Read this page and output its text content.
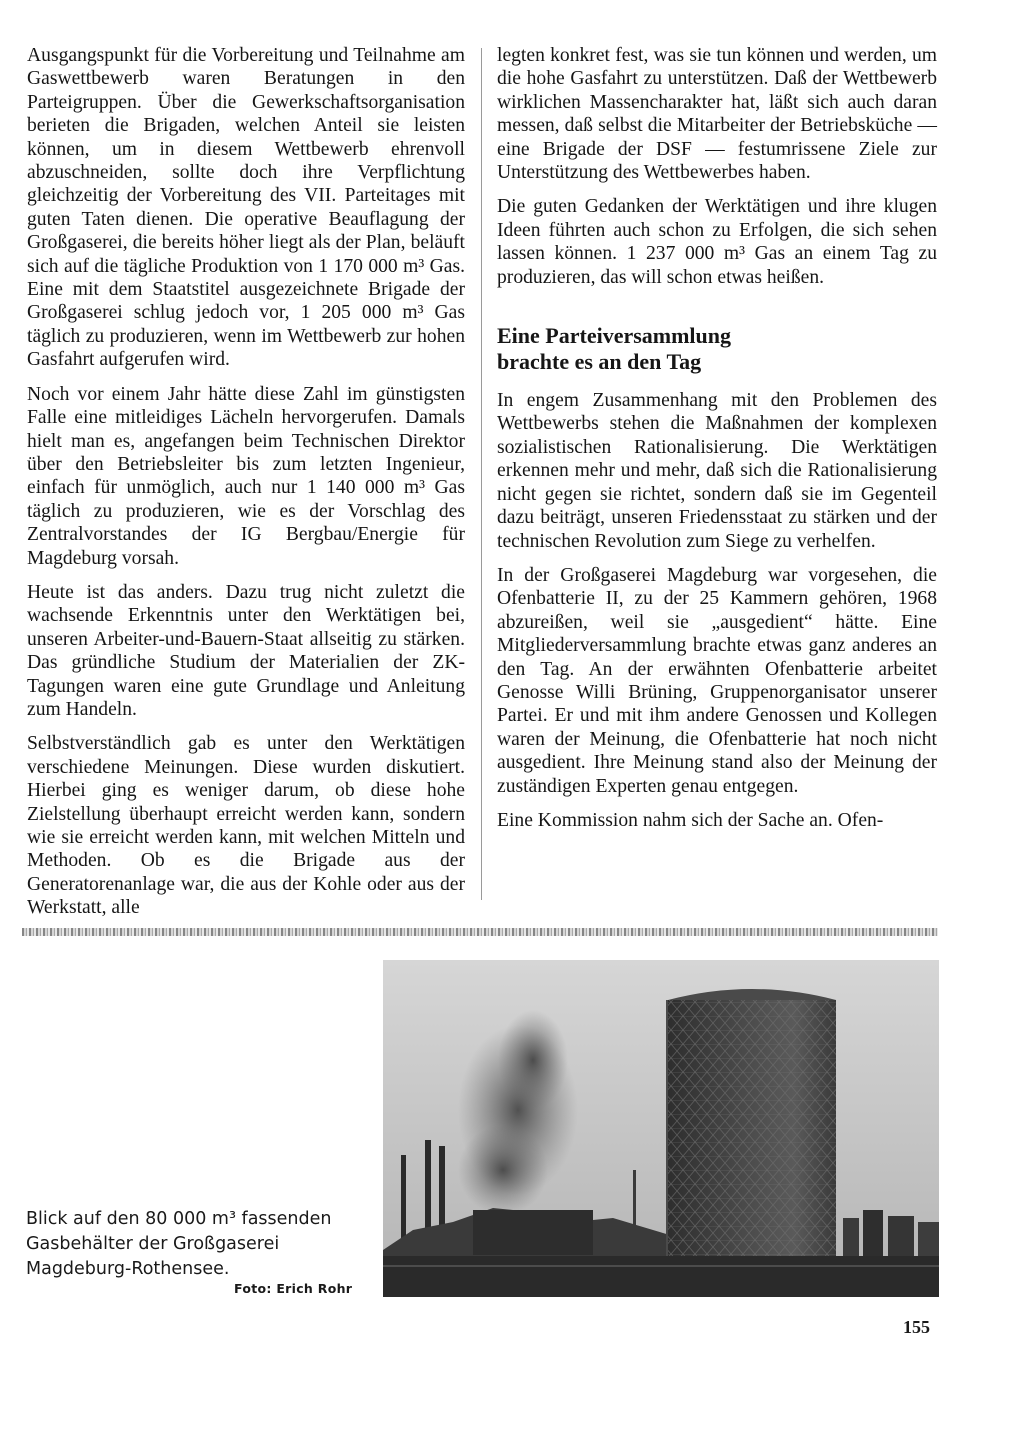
Ausgangspunkt für die Vorbereitung und Teilnahme am Gaswettbewerb waren Beratungen in den Parteigruppen. Über die Gewerkschaftsorganisation berieten die Brigaden, welchen Anteil sie leisten können, um in diesem Wettbewerb ehrenvoll abzuschneiden, sollte doch ihre Verpflichtung gleichzeitig der Vorbereitung des VII. Parteitages mit guten Taten dienen. Die operative Beauflagung der Großgaserei, die bereits höher liegt als der Plan, beläuft sich auf die tägliche Produktion von 1 170 000 m³ Gas. Eine mit dem Staatstitel ausgezeichnete Brigade der Großgaserei schlug jedoch vor, 1 205 000 m³ Gas täglich zu produzieren, wenn im Wettbewerb zur hohen Gasfahrt aufgerufen wird.

Noch vor einem Jahr hätte diese Zahl im günstigsten Falle eine mitleidiges Lächeln hervorgerufen. Damals hielt man es, angefangen beim Technischen Direktor über den Betriebsleiter bis zum letzten Ingenieur, einfach für unmöglich, auch nur 1 140 000 m³ Gas täglich zu produzieren, wie es der Vorschlag des Zentralvorstandes der IG Bergbau/Energie für Magdeburg vorsah.

Heute ist das anders. Dazu trug nicht zuletzt die wachsende Erkenntnis unter den Werktätigen bei, unseren Arbeiter-und-Bauern-Staat allseitig zu stärken. Das gründliche Studium der Materialien der ZK-Tagungen waren eine gute Grundlage und Anleitung zum Handeln.

Selbstverständlich gab es unter den Werktätigen verschiedene Meinungen. Diese wurden diskutiert. Hierbei ging es weniger darum, ob diese hohe Zielstellung überhaupt erreicht werden kann, sondern wie sie erreicht werden kann, mit welchen Mitteln und Methoden. Ob es die Brigade aus der Generatorenanlage war, die aus der Kohle oder aus der Werkstatt, alle

legten konkret fest, was sie tun können und werden, um die hohe Gasfahrt zu unterstützen. Daß der Wettbewerb wirklichen Massencharakter hat, läßt sich auch daran messen, daß selbst die Mitarbeiter der Betriebsküche — eine Brigade der DSF — festumrissene Ziele zur Unterstützung des Wettbewerbes haben.

Die guten Gedanken der Werktätigen und ihre klugen Ideen führten auch schon zu Erfolgen, die sich sehen lassen können. 1 237 000 m³ Gas an einem Tag zu produzieren, das will schon etwas heißen.

Eine Parteiversammlung
brachte es an den Tag

In engem Zusammenhang mit den Problemen des Wettbewerbs stehen die Maßnahmen der komplexen sozialistischen Rationalisierung. Die Werktätigen erkennen mehr und mehr, daß sich die Rationalisierung nicht gegen sie richtet, sondern daß sie im Gegenteil dazu beiträgt, unseren Friedensstaat zu stärken und der technischen Revolution zum Siege zu verhelfen.

In der Großgaserei Magdeburg war vorgesehen, die Ofenbatterie II, zu der 25 Kammern gehören, 1968 abzureißen, weil sie „ausgedient“ hätte. Eine Mitgliederversammlung brachte etwas ganz anderes an den Tag. An der erwähnten Ofenbatterie arbeitet Genosse Willi Brüning, Gruppenorganisator unserer Partei. Er und mit ihm andere Genossen und Kollegen waren der Meinung, die Ofenbatterie hat noch nicht ausgedient. Ihre Meinung stand also der Meinung der zuständigen Experten genau entgegen.

Eine Kommission nahm sich der Sache an. Ofen-

Blick auf den 80 000 m³ fassenden Gasbehälter der Großgaserei Magdeburg-Rothensee.
Foto: Erich Rohr
155
